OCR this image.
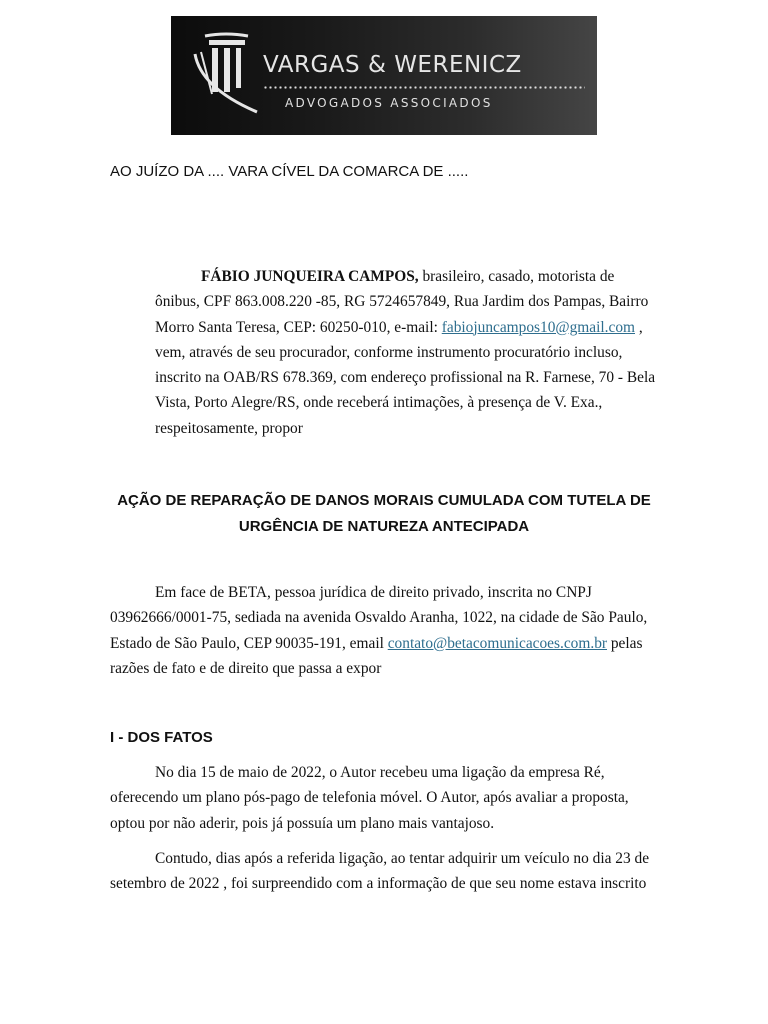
VARGAS & WERENICZ
ADVOGADOS ASSOCIADOS

AO JUÍZO DA .... VARA CÍVEL DA COMARCA DE .....

FÁBIO JUNQUEIRA CAMPOS, brasileiro, casado, motorista de ônibus, CPF 863.008.220 -85, RG 5724657849, Rua Jardim dos Pampas, Bairro Morro Santa Teresa, CEP: 60250-010, e-mail: fabiojuncampos10@gmail.com , vem, através de seu procurador, conforme instrumento procuratório incluso, inscrito na OAB/RS 678.369, com endereço profissional na R. Farnese, 70 - Bela Vista, Porto Alegre/RS, onde receberá intimações, à presença de V. Exa., respeitosamente, propor

AÇÃO DE REPARAÇÃO DE DANOS MORAIS CUMULADA COM TUTELA DE URGÊNCIA DE NATUREZA ANTECIPADA

Em face de BETA, pessoa jurídica de direito privado, inscrita no CNPJ 03962666/0001-75, sediada na avenida Osvaldo Aranha, 1022, na cidade de São Paulo, Estado de São Paulo, CEP 90035-191, email contato@betacomunicacoes.com.br pelas razões de fato e de direito que passa a expor

I - DOS FATOS

No dia 15 de maio de 2022, o Autor recebeu uma ligação da empresa Ré, oferecendo um plano pós-pago de telefonia móvel. O Autor, após avaliar a proposta, optou por não aderir, pois já possuía um plano mais vantajoso.

Contudo, dias após a referida ligação, ao tentar adquirir um veículo no dia 23 de setembro de 2022 , foi surpreendido com a informação de que seu nome estava inscrito
